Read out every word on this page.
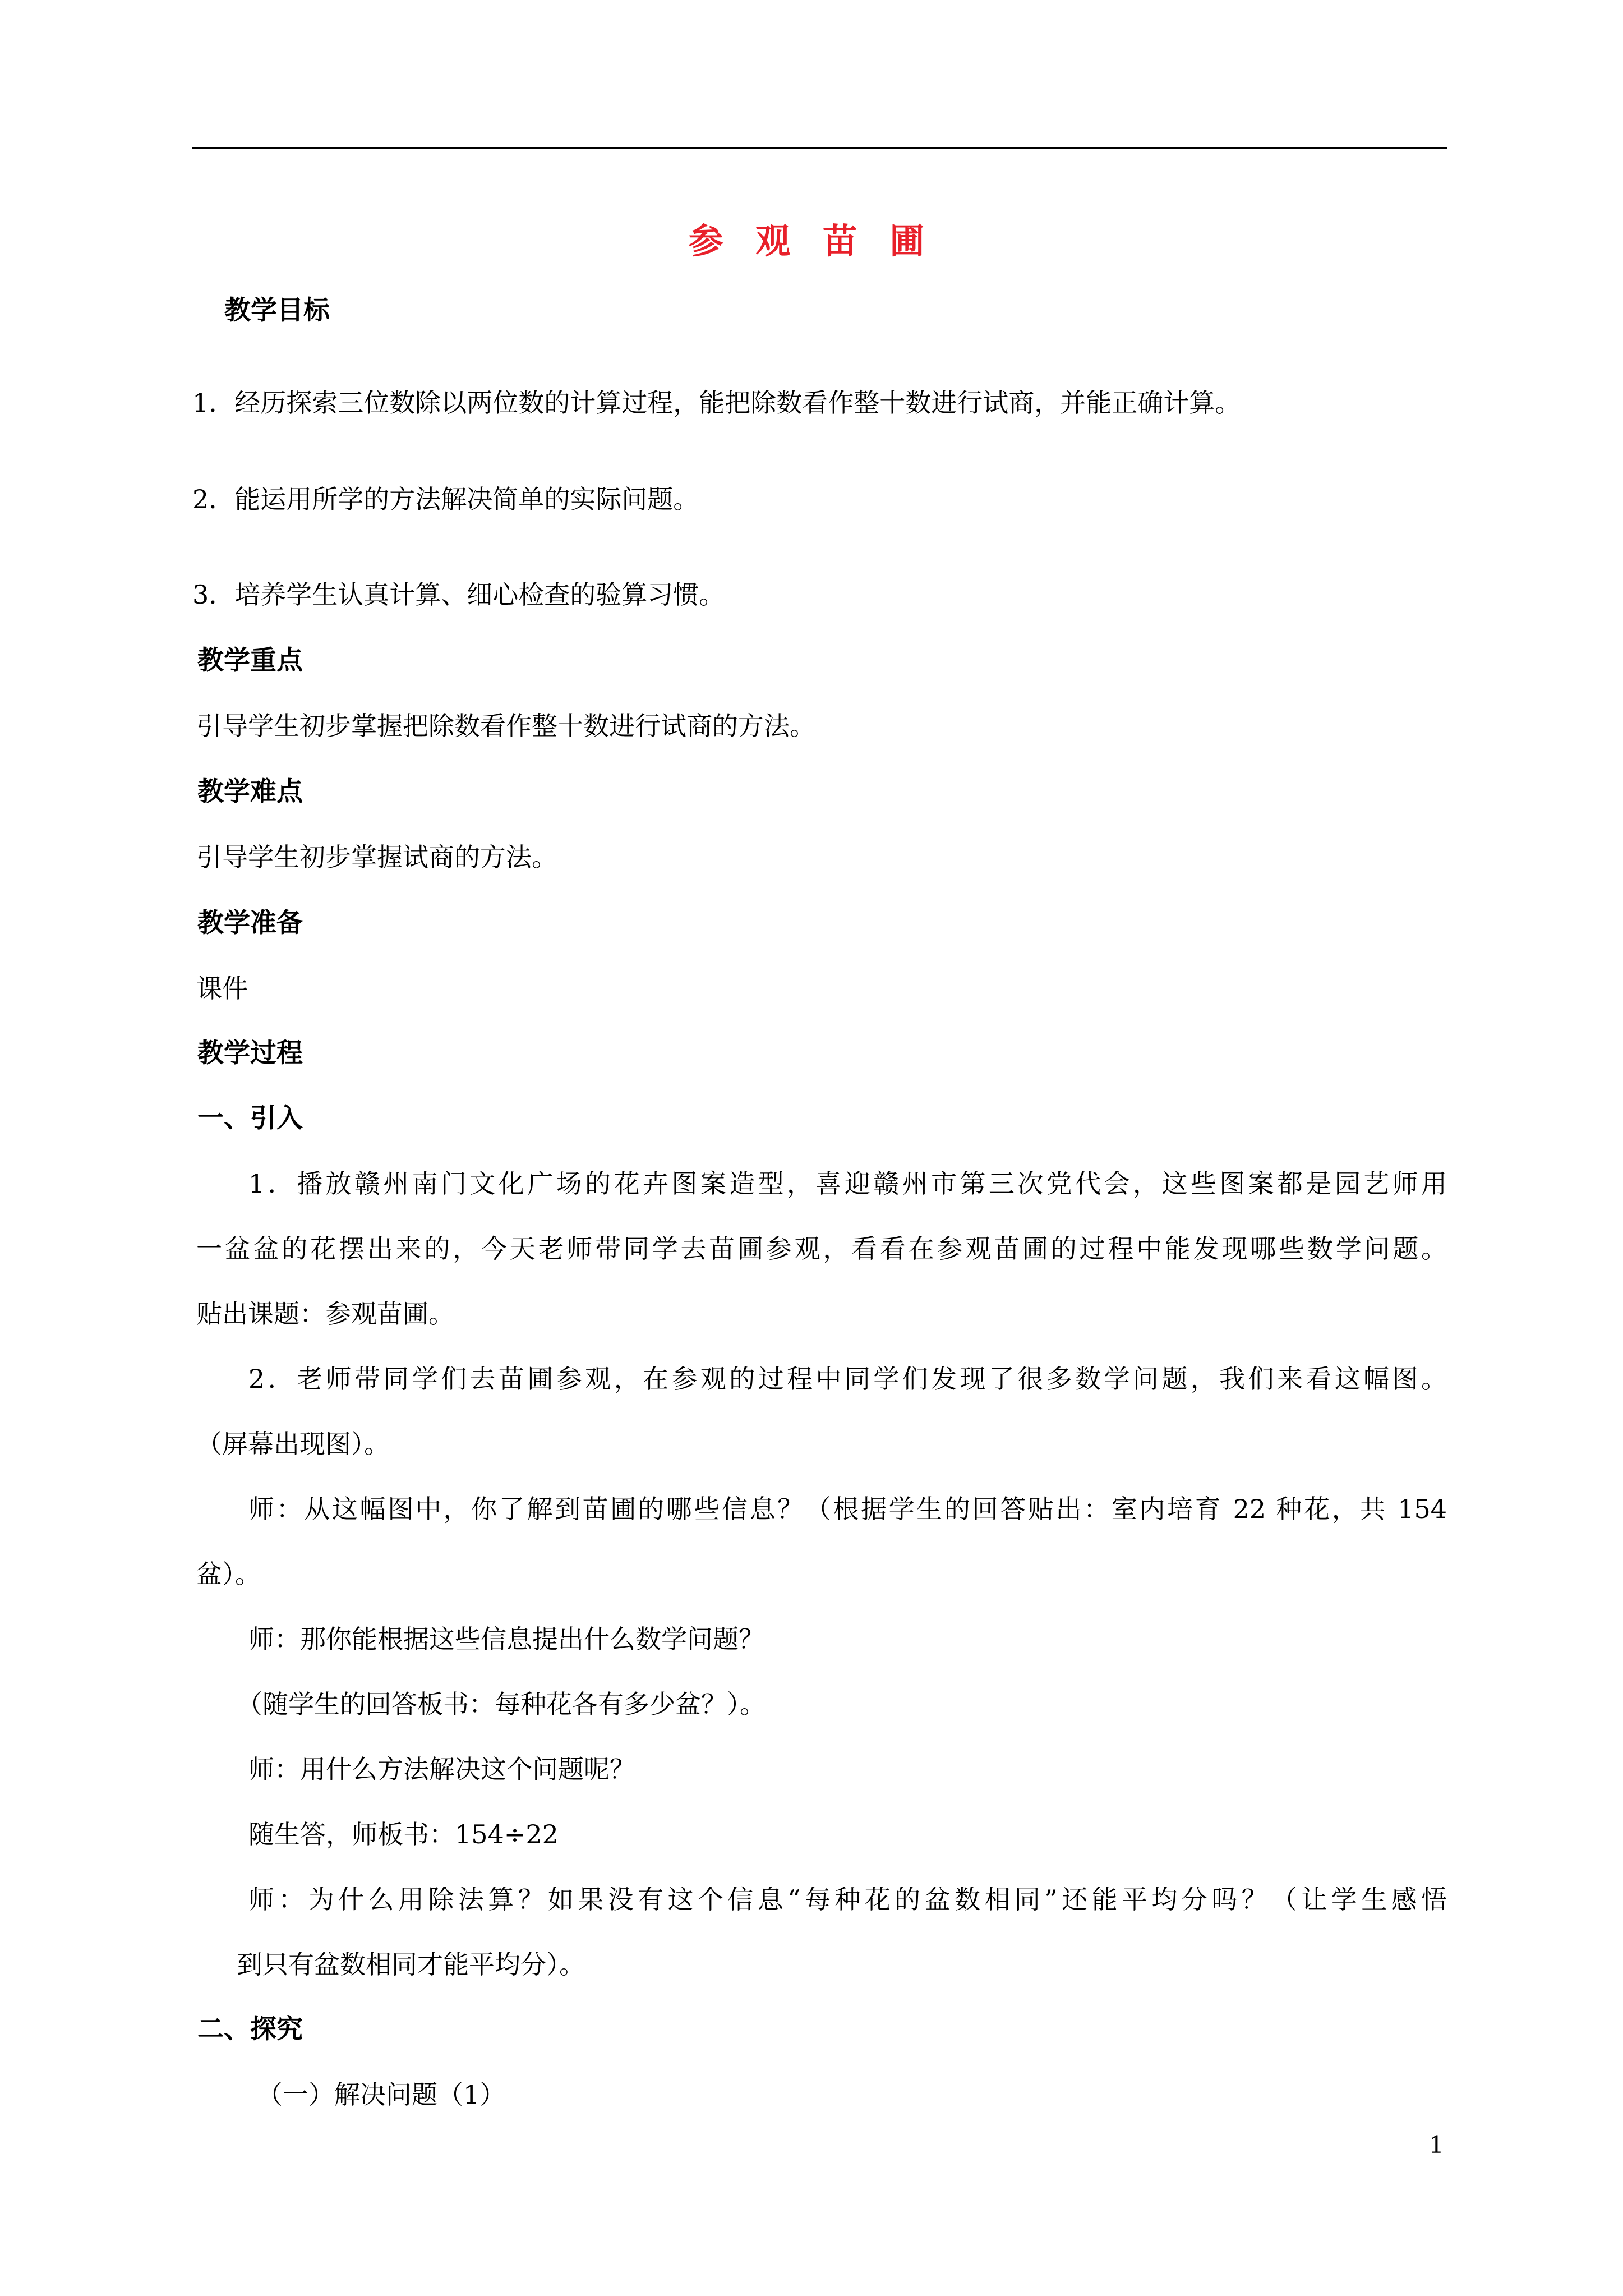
参 观 苗 圃
教学目标
1．经历探索三位数除以两位数的计算过程，能把除数看作整十数进行试商，并能正确计算。
2．能运用所学的方法解决简单的实际问题。
3．培养学生认真计算、细心检查的验算习惯。
教学重点
引导学生初步掌握把除数看作整十数进行试商的方法。
教学难点
引导学生初步掌握试商的方法。
教学准备
课件
教学过程
一、引入
1．播放赣州南门文化广场的花卉图案造型，喜迎赣州市第三次党代会，这些图案都是园艺师用
一盆盆的花摆出来的，今天老师带同学去苗圃参观，看看在参观苗圃的过程中能发现哪些数学问题。
贴出课题：参观苗圃。
2．老师带同学们去苗圃参观，在参观的过程中同学们发现了很多数学问题，我们来看这幅图。
（屏幕出现图）。
师：从这幅图中，你了解到苗圃的哪些信息？（根据学生的回答贴出：室内培育 22 种花，共 154
盆）。
师：那你能根据这些信息提出什么数学问题？
（随学生的回答板书：每种花各有多少盆？）。
师：用什么方法解决这个问题呢？
随生答，师板书：154÷22
师：为什么用除法算？如果没有这个信息“每种花的盆数相同”还能平均分吗？（让学生感悟
到只有盆数相同才能平均分）。
二、探究
（一）解决问题（1）
1
